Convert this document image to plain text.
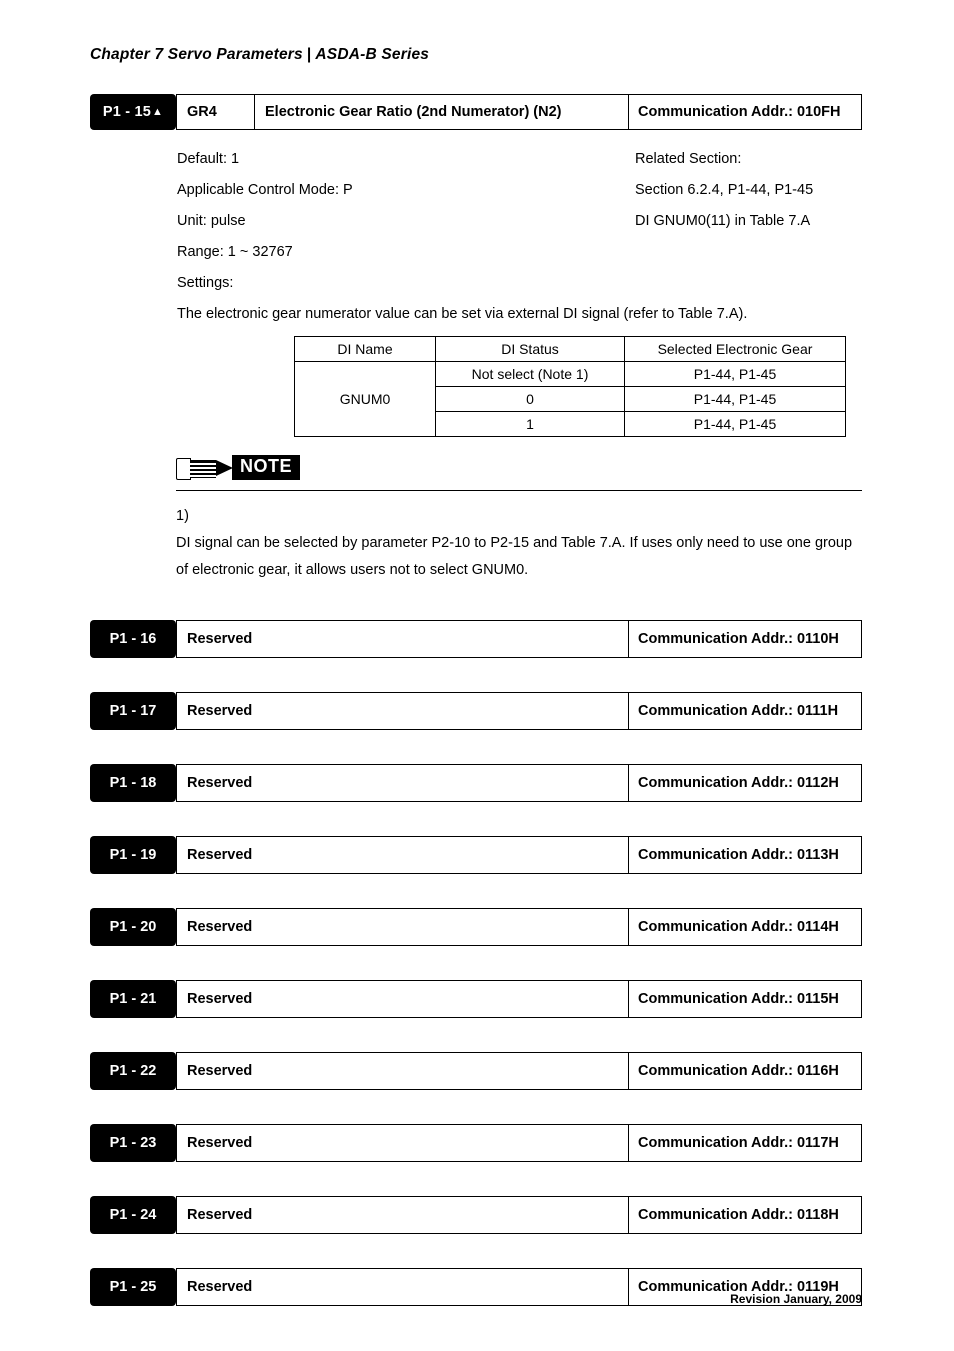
Chapter 7 Servo Parameters | ASDA-B Series
P1 - 15 ▲	GR4	Electronic Gear Ratio (2nd Numerator) (N2)	Communication Addr.: 010FH
Default: 1	Related Section:
Applicable Control Mode: P	Section 6.2.4, P1-44, P1-45
Unit: pulse	DI GNUM0(11) in Table 7.A
Range: 1 ~ 32767
Settings:
The electronic gear numerator value can be set via external DI signal (refer to Table 7.A).
DI Name	DI Status	Selected Electronic Gear
GNUM0	Not select (Note 1)	P1-44, P1-45
	0	P1-44, P1-45
	1	P1-44, P1-45
NOTE
1)DI signal can be selected by parameter P2-10 to P2-15 and Table 7.A. If uses only need to use one group of electronic gear, it allows users not to select GNUM0.
P1 - 16	Reserved	Communication Addr.: 0110H
P1 - 17	Reserved	Communication Addr.: 0111H
P1 - 18	Reserved	Communication Addr.: 0112H
P1 - 19	Reserved	Communication Addr.: 0113H
P1 - 20	Reserved	Communication Addr.: 0114H
P1 - 21	Reserved	Communication Addr.: 0115H
P1 - 22	Reserved	Communication Addr.: 0116H
P1 - 23	Reserved	Communication Addr.: 0117H
P1 - 24	Reserved	Communication Addr.: 0118H
P1 - 25	Reserved	Communication Addr.: 0119H
7-30	Revision January, 2009
